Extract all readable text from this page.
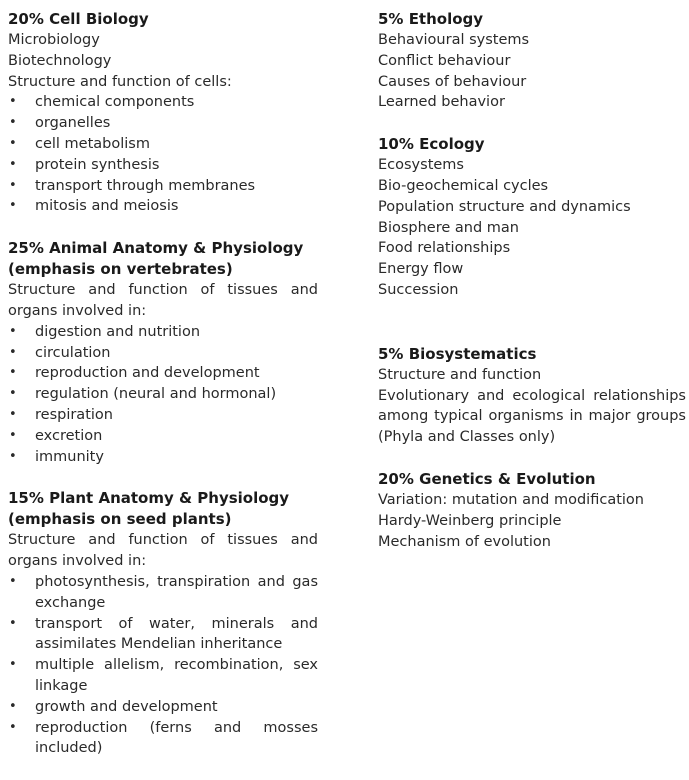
20% Cell Biology

Microbiology

Biotechnology

Structure and function of cells:

• chemical components
• organelles
• cell metabolism
• protein synthesis
• transport through membranes
• mitosis and meiosis

25% Animal Anatomy & Physiology

(emphasis on vertebrates)

Structure and function of tissues and organs involved in:

• digestion and nutrition
• circulation
• reproduction and development
• regulation (neural and hormonal)
• respiration
• excretion
• immunity

15% Plant Anatomy & Physiology

(emphasis on seed plants)

Structure and function of tissues and organs involved in:

• photosynthesis, transpiration and gas exchange
• transport of water, minerals and assimilates Mendelian inheritance
• multiple allelism, recombination, sex linkage
• growth and development
• reproduction (ferns and mosses included)

5% Ethology

Behavioural systems

Conflict behaviour

Causes of behaviour

Learned behavior

10% Ecology

Ecosystems

Bio-geochemical cycles

Population structure and dynamics

Biosphere and man

Food relationships

Energy flow

Succession

5% Biosystematics

Structure and function

Evolutionary and ecological relationships among typical organisms in major groups (Phyla and Classes only)

20% Genetics & Evolution

Variation: mutation and modification

Hardy-Weinberg principle

Mechanism of evolution
